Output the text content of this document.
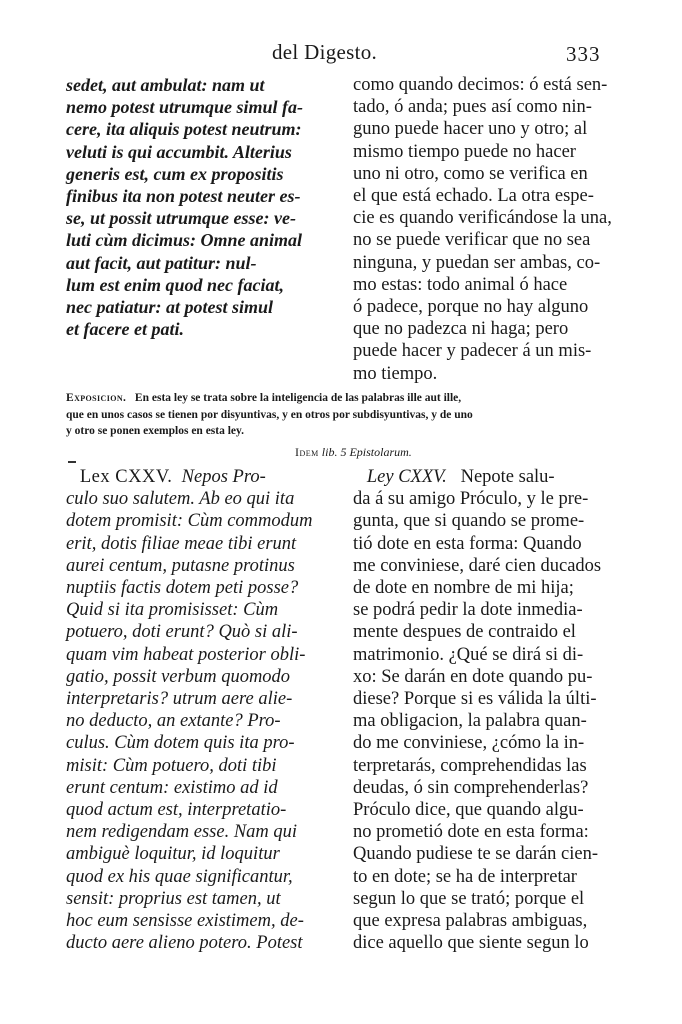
del Digesto.	333
sedet, aut ambulat: nam ut
nemo potest utrumque simul fa-
cere, ita aliquis potest neutrum:
veluti is qui accumbit. Alterius
generis est, cum ex propositis
finibus ita non potest neuter es-
se, ut possit utrumque esse: ve-
luti cùm dicimus: Omne animal
aut facit, aut patitur: nul-
lum est enim quod nec faciat,
nec patiatur: at potest simul
et facere et pati.
como quando decimos: ó está sen-
tado, ó anda; pues así como nin-
guno puede hacer uno y otro; al
mismo tiempo puede no hacer
uno ni otro, como se verifica en
el que está echado. La otra espe-
cie es quando verificándose la una,
no se puede verificar que no sea
ninguna, y puedan ser ambas, co-
mo estas: todo animal ó hace
ó padece, porque no hay alguno
que no padezca ni haga; pero
puede hacer y padecer á un mis-
mo tiempo.
Exposicion. En esta ley se trata sobre la inteligencia de las palabras ille aut ille,
que en unos casos se tienen por disyuntivas, y en otros por subdisyuntivas, y de uno
y otro se ponen exemplos en esta ley.
Idem lib. 5 Epistolarum.
Lex CXXV. Nepos Pro-
culo suo salutem. Ab eo qui ita
dotem promisit: Cùm commodum
erit, dotis filiae meae tibi erunt
aurei centum, putasne protinus
nuptiis factis dotem peti posse?
Quid si ita promisisset: Cùm
potuero, doti erunt? Quò si ali-
quam vim habeat posterior obli-
gatio, possit verbum quomodo
interpretaris? utrum aere alie-
no deducto, an extante? Pro-
culus. Cùm dotem quis ita pro-
misit: Cùm potuero, doti tibi
erunt centum: existimo ad id
quod actum est, interpretatio-
nem redigendam esse. Nam qui
ambiguè loquitur, id loquitur
quod ex his quae significantur,
sensit: proprius est tamen, ut
hoc eum sensisse existimem, de-
ducto aere alieno potero. Potest
Ley CXXV. Nepote salu-
da á su amigo Próculo, y le pre-
gunta, que si quando se prome-
tió dote en esta forma: Quando
me conviniese, daré cien ducados
de dote en nombre de mi hija;
se podrá pedir la dote inmedia-
mente despues de contraido el
matrimonio. ¿Qué se dirá si di-
xo: Se darán en dote quando pu-
diese? Porque si es válida la últi-
ma obligacion, la palabra quan-
do me conviniese, ¿cómo la in-
terpretarás, comprehendidas las
deudas, ó sin comprehenderlas?
Próculo dice, que quando algu-
no prometió dote en esta forma:
Quando pudiese te se darán cien-
to en dote; se ha de interpretar
segun lo que se trató; porque el
que expresa palabras ambiguas,
dice aquello que siente segun lo
